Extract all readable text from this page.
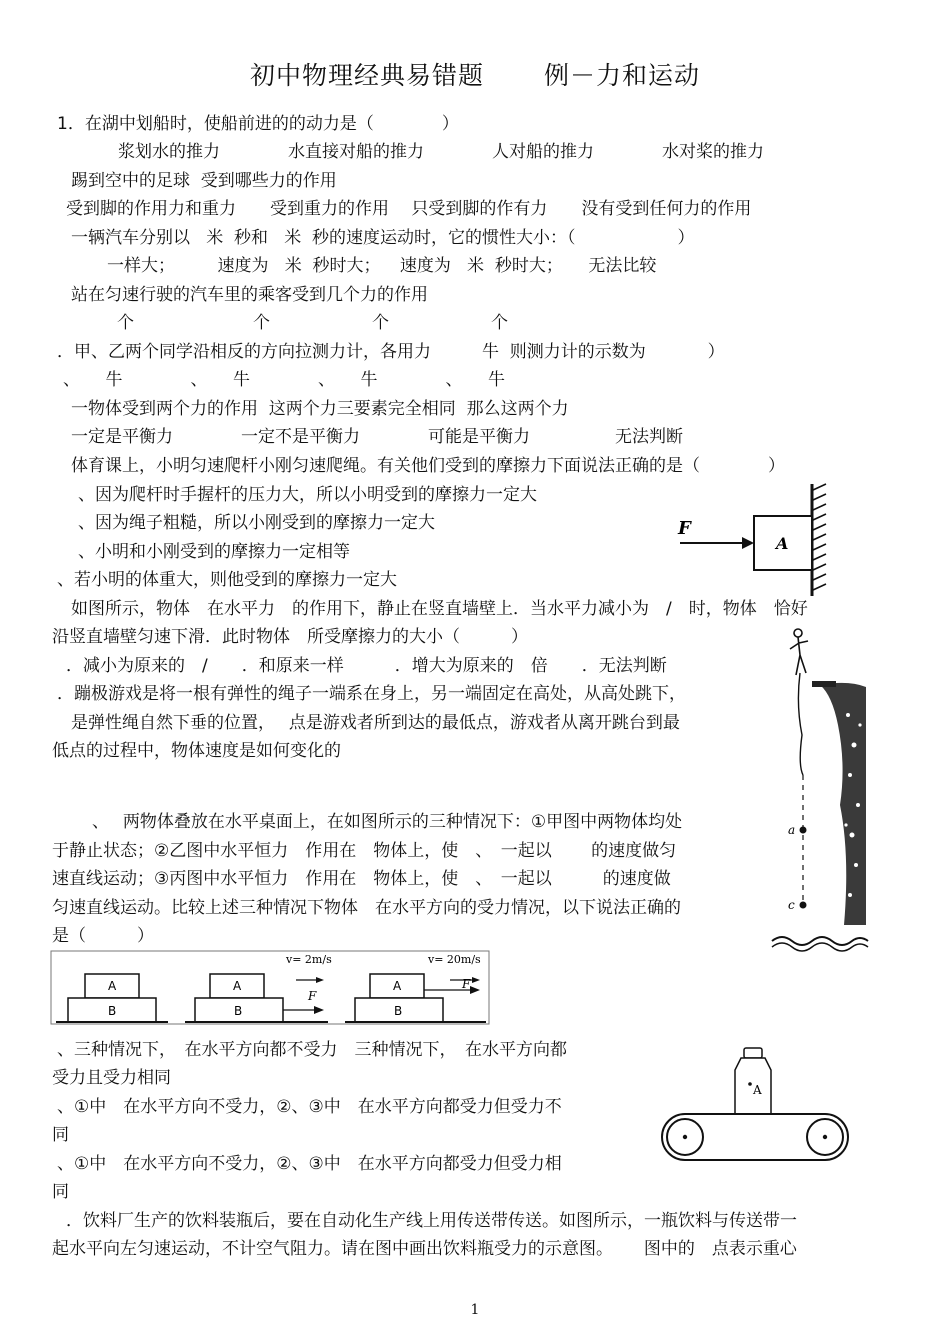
初中物理经典易错题 例－力和运动
1．在湖中划船时，使船前进的的动力是（　　　　）
浆划水的推力　　　　水直接对船的推力　　　　人对船的推力　　　　水对桨的推力
踢到空中的足球  受到哪些力的作用
受到脚的作用力和重力　　受到重力的作用　 只受到脚的作有力　　没有受到任何力的作用
一辆汽车分别以   米  秒和   米  秒的速度运动时，它的惯性大小：（　　　　　　）
一样大；　　　速度为   米  秒时大；　  速度为   米  秒时大；　　无法比较
站在匀速行驶的汽车里的乘客受到几个力的作用
个　　　　　　　个　　　　　　个　　　　　　个
．甲、乙两个同学沿相反的方向拉测力计，各用力　　　牛  则测力计的示数为　　　  ）
、　　牛　　　　、　　牛　　　　、　　牛　　　　、　　牛
一物体受到两个力的作用  这两个力三要素完全相同  那么这两个力
一定是平衡力　　　　一定不是平衡力　　　　可能是平衡力　　　　　无法判断
体育课上，小明匀速爬杆小刚匀速爬绳。有关他们受到的摩擦力下面说法正确的是（　　　　）
、因为爬杆时手握杆的压力大，所以小明受到的摩擦力一定大
、因为绳子粗糙，所以小刚受到的摩擦力一定大
、小明和小刚受到的摩擦力一定相等
、若小明的体重大，则他受到的摩擦力一定大
如图所示，物体　在水平力　的作用下，静止在竖直墙壁上．当水平力减小为　/　时，物体　恰好
沿竖直墙壁匀速下滑．此时物体　所受摩擦力的大小（　　　）
．减小为原来的　/　　．和原来一样　　　．增大为原来的　倍　　．无法判断
．蹦极游戏是将一根有弹性的绳子一端系在身上，另一端固定在高处，从高处跳下，
是弹性绳自然下垂的位置，　 点是游戏者所到达的最低点，游戏者从离开跳台到最
低点的过程中，物体速度是如何变化的
、　 两物体叠放在水平桌面上，在如图所示的三种情况下：①甲图中两物体均处
于静止状态；②乙图中水平恒力　作用在　物体上，使　、　一起以　　 的速度做匀
速直线运动；③丙图中水平恒力　作用在　物体上，使　、　一起以　　　的速度做
匀速直线运动。比较上述三种情况下物体　在水平方向的受力情况，以下说法正确的
是（　　　）
、三种情况下，　在水平方向都不受力　三种情况下，　在水平方向都
受力且受力相同
、①中　在水平方向不受力，②、③中　在水平方向都受力但受力不
同
、①中　在水平方向不受力，②、③中　在水平方向都受力但受力相
同
．饮料厂生产的饮料装瓶后，要在自动化生产线上用传送带传送。如图所示，一瓶饮料与传送带一
起水平向左匀速运动，不计空气阻力。请在图中画出饮料瓶受力的示意图。　　 图中的　点表示重心
A
F
a
c
A
B
A
B
v= 2m/s
F
A
B
v= 20m/s
F
A
1
